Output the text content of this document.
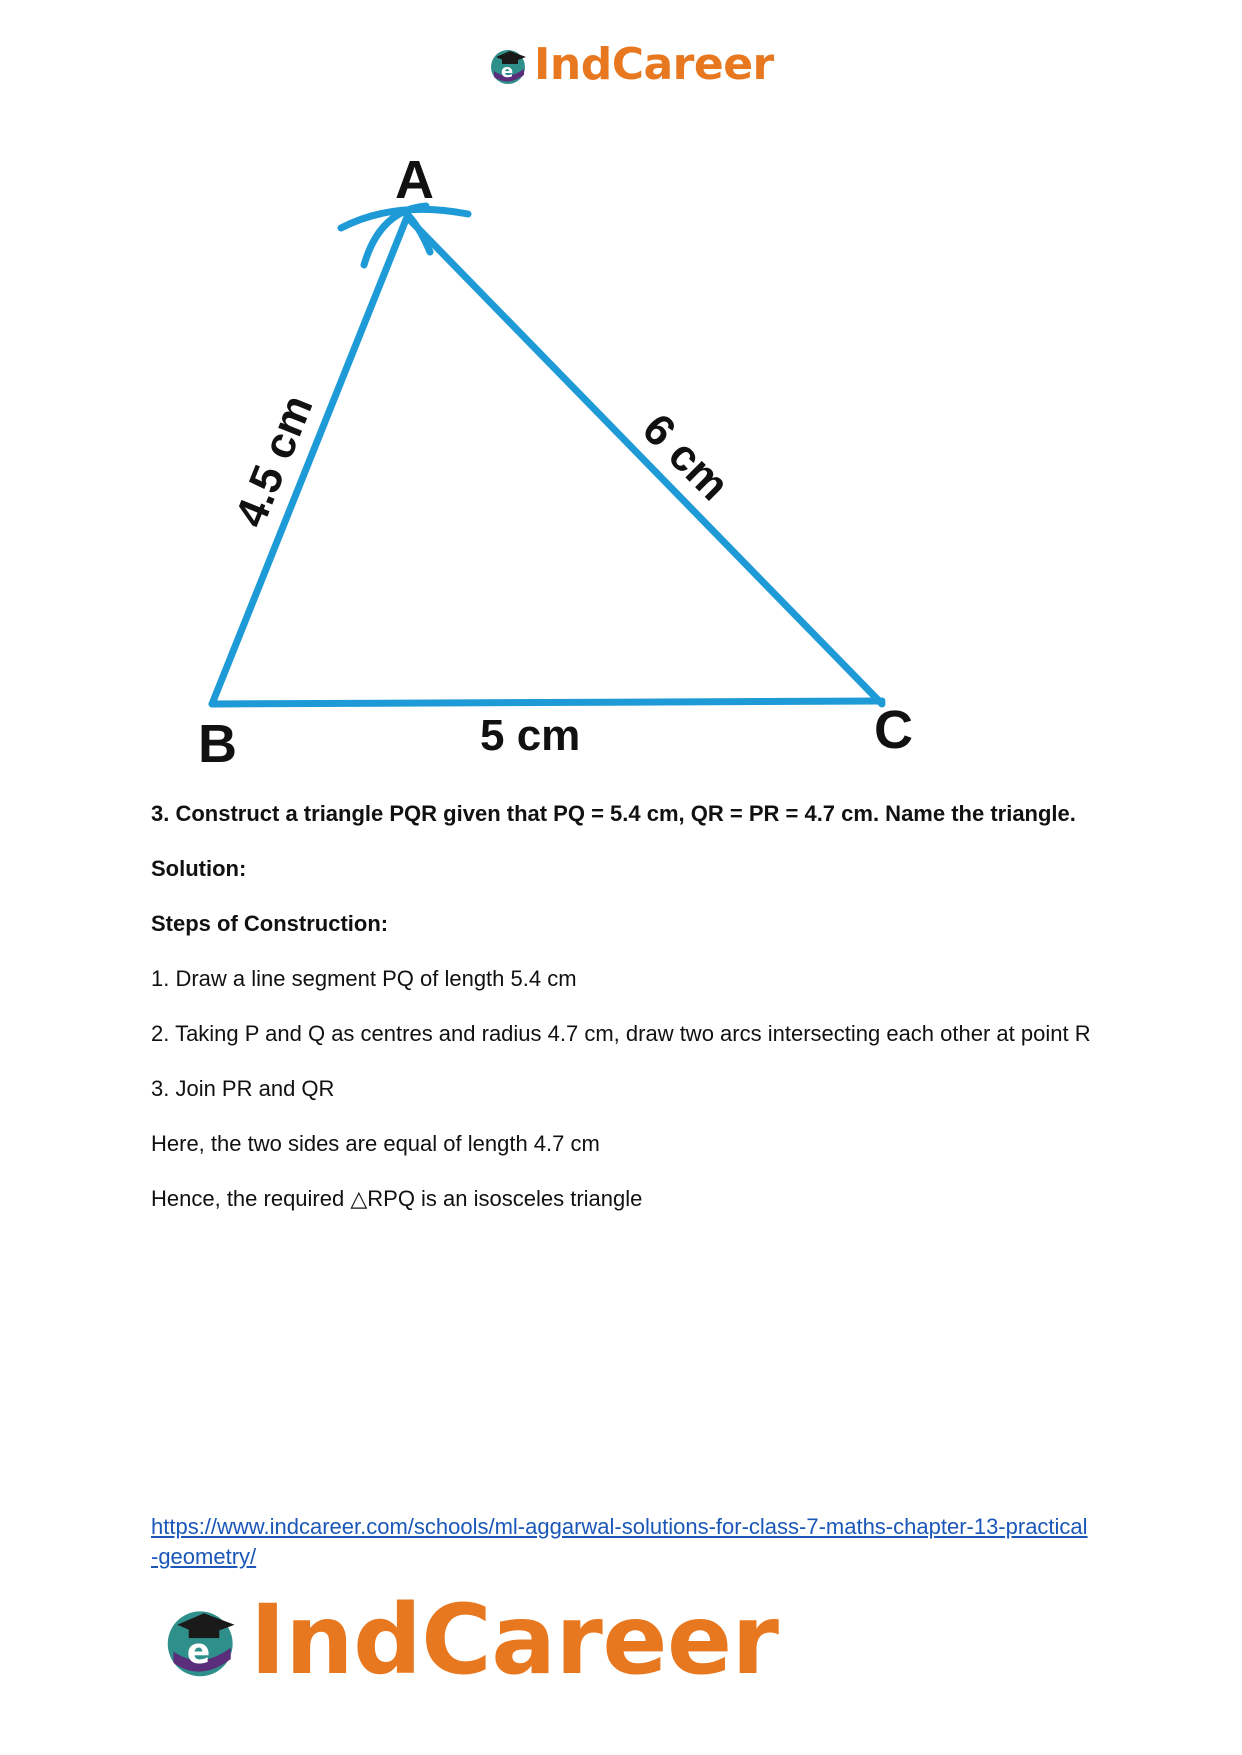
e IndCareer
A
B	C
5 cm
4.5 cm	6 cm

3. Construct a triangle PQR given that PQ = 5.4 cm, QR = PR = 4.7 cm. Name the triangle.

Solution:

Steps of Construction:

1. Draw a line segment PQ of length 5.4 cm

2. Taking P and Q as centres and radius 4.7 cm, draw two arcs intersecting each other at point R

3. Join PR and QR

Here, the two sides are equal of length 4.7 cm

Hence, the required △RPQ is an isosceles triangle

https://www.indcareer.com/schools/ml-aggarwal-solutions-for-class-7-maths-chapter-13-practical-geometry/
e IndCareer
